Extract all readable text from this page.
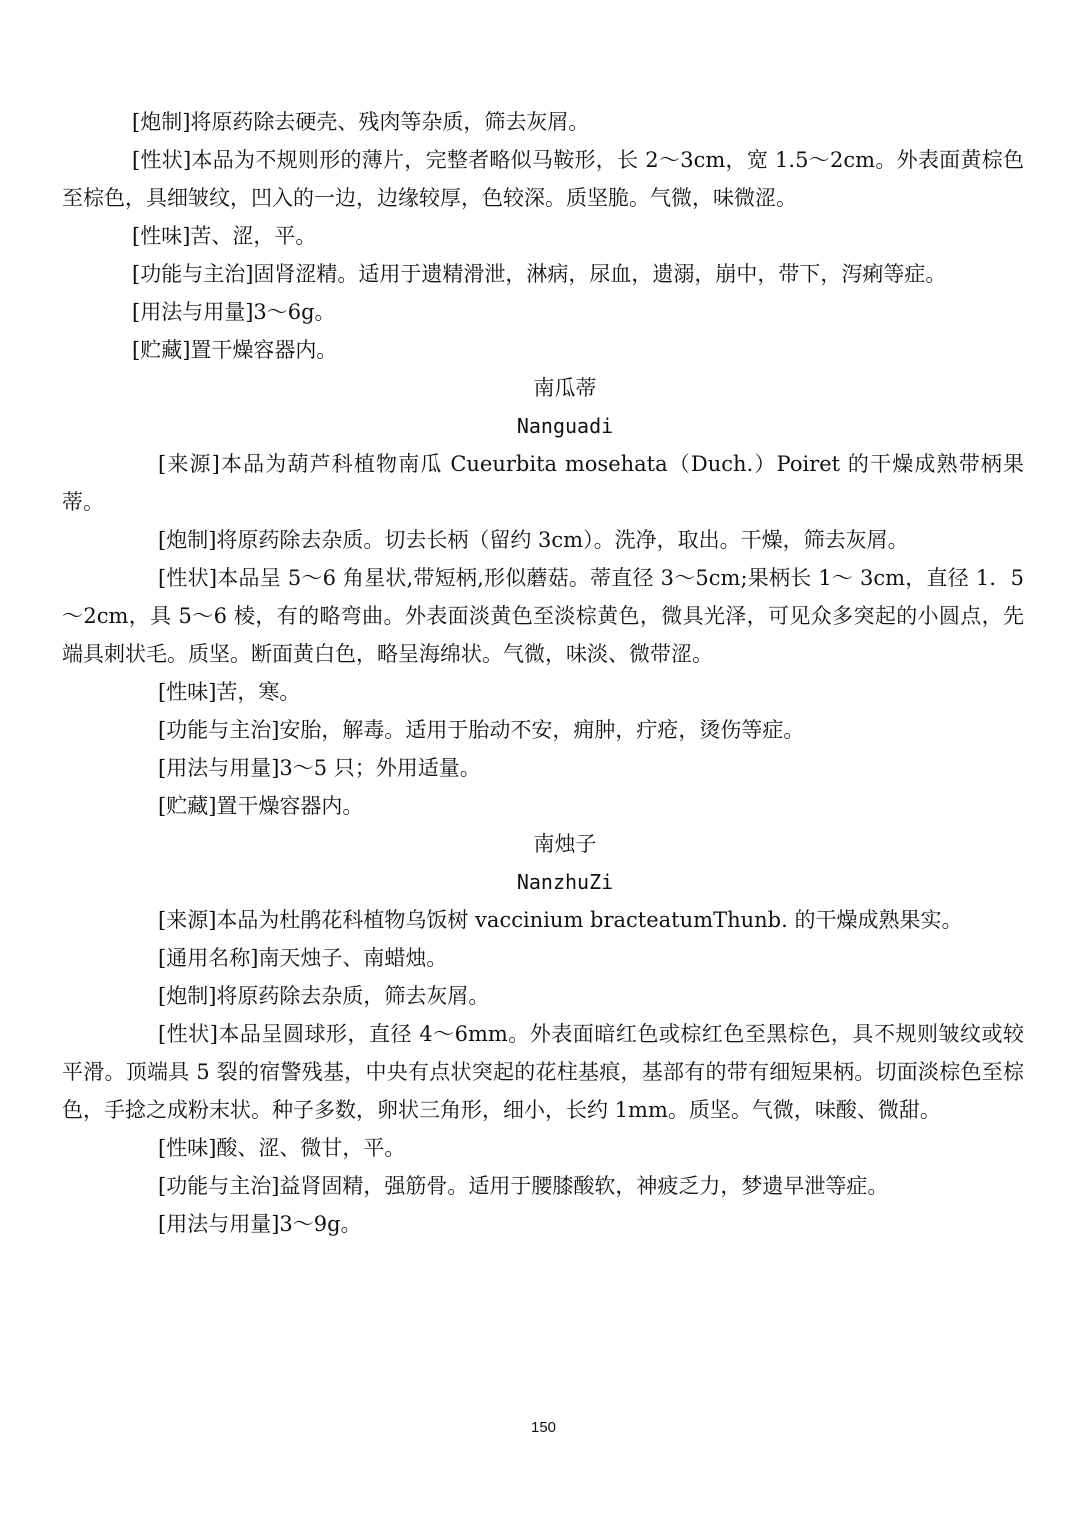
[炮制]将原药除去硬壳、残肉等杂质，筛去灰屑。

[性状]本品为不规则形的薄片，完整者略似马鞍形，长 2～3cm，宽 1.5～2cm。外表面黄棕色至棕色，具细皱纹，凹入的一边，边缘较厚，色较深。质坚脆。气微，味微涩。

[性味]苦、涩，平。

[功能与主治]固肾涩精。适用于遗精滑泄，淋病，尿血，遗溺，崩中，带下，泻痢等症。

[用法与用量]3～6g。

[贮藏]置干燥容器内。

南瓜蒂

Nanguadi

[来源]本品为葫芦科植物南瓜 Cueurbita mosehata（Duch.）Poiret 的干燥成熟带柄果蒂。

[炮制]将原药除去杂质。切去长柄（留约 3cm）。洗净，取出。干燥，筛去灰屑。

[性状]本品呈 5～6 角星状,带短柄,形似蘑菇。蒂直径 3～5cm;果柄长 1～ 3cm，直径 1．5～2cm，具 5～6 棱，有的略弯曲。外表面淡黄色至淡棕黄色，微具光泽，可见众多突起的小圆点，先端具刺状毛。质坚。断面黄白色，略呈海绵状。气微，味淡、微带涩。

[性味]苦，寒。

[功能与主治]安胎，解毒。适用于胎动不安，痈肿，疔疮，烫伤等症。

[用法与用量]3～5 只；外用适量。

[贮藏]置干燥容器内。

南烛子

NanzhuZi

[来源]本品为杜鹃花科植物乌饭树 vaccinium bracteatumThunb. 的干燥成熟果实。

[通用名称]南天烛子、南蜡烛。

[炮制]将原药除去杂质，筛去灰屑。

[性状]本品呈圆球形，直径 4～6mm。外表面暗红色或棕红色至黑棕色，具不规则皱纹或较平滑。顶端具 5 裂的宿警残基，中央有点状突起的花柱基痕，基部有的带有细短果柄。切面淡棕色至棕色，手捻之成粉末状。种子多数，卵状三角形，细小，长约 1mm。质坚。气微，味酸、微甜。

[性味]酸、涩、微甘，平。

[功能与主治]益肾固精，强筋骨。适用于腰膝酸软，神疲乏力，梦遗早泄等症。

[用法与用量]3～9g。

150
